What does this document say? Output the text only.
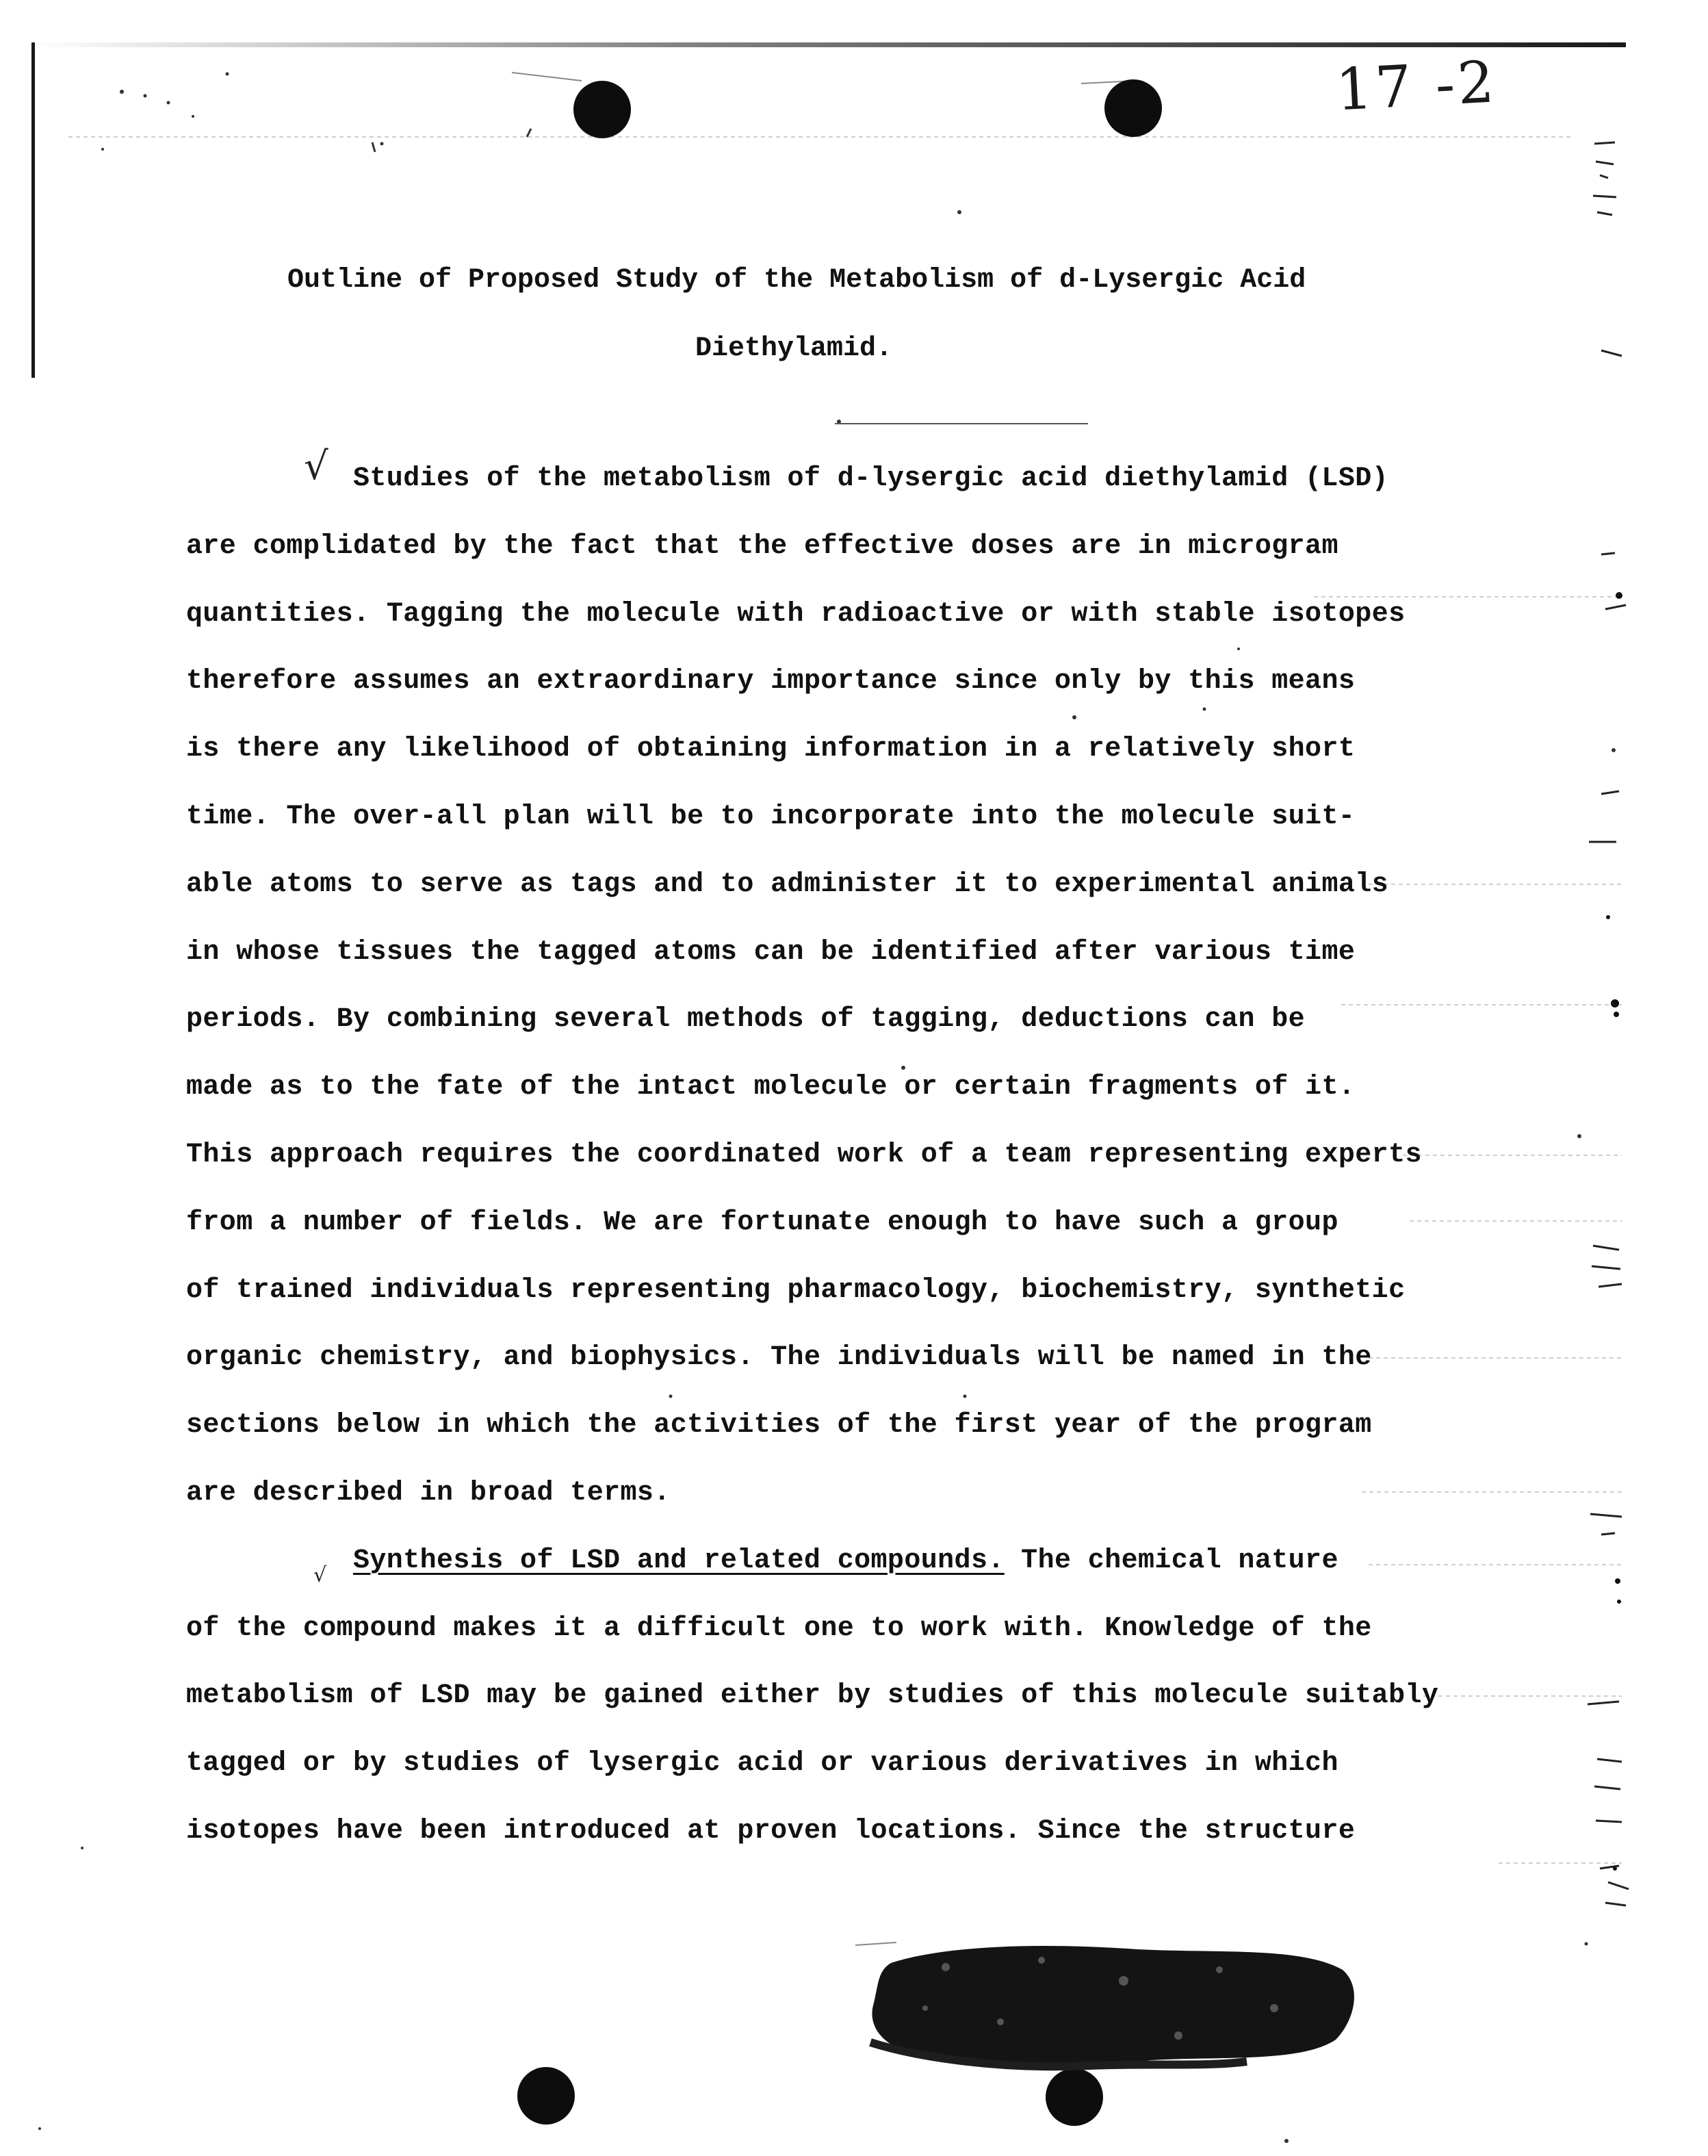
17 -2
Outline of Proposed Study of the Metabolism of d-Lysergic Acid
Diethylamid.
√
√
Studies of the metabolism of d-lysergic acid diethylamid (LSD)
are complidated by the fact that the effective doses are in microgram
quantities. Tagging the molecule with radioactive or with stable isotopes
therefore assumes an extraordinary importance since only by this means
is there any likelihood of obtaining information in a relatively short
time. The over-all plan will be to incorporate into the molecule suit-
able atoms to serve as tags and to administer it to experimental animals
in whose tissues the tagged atoms can be identified after various time
periods. By combining several methods of tagging, deductions can be
made as to the fate of the intact molecule or certain fragments of it.
This approach requires the coordinated work of a team representing experts
from a number of fields. We are fortunate enough to have such a group
of trained individuals representing pharmacology, biochemistry, synthetic
organic chemistry, and biophysics. The individuals will be named in the
sections below in which the activities of the first year of the program
are described in broad terms.
Synthesis of LSD and related compounds. The chemical nature
of the compound makes it a difficult one to work with. Knowledge of the
metabolism of LSD may be gained either by studies of this molecule suitably
tagged or by studies of lysergic acid or various derivatives in which
isotopes have been introduced at proven locations. Since the structure
